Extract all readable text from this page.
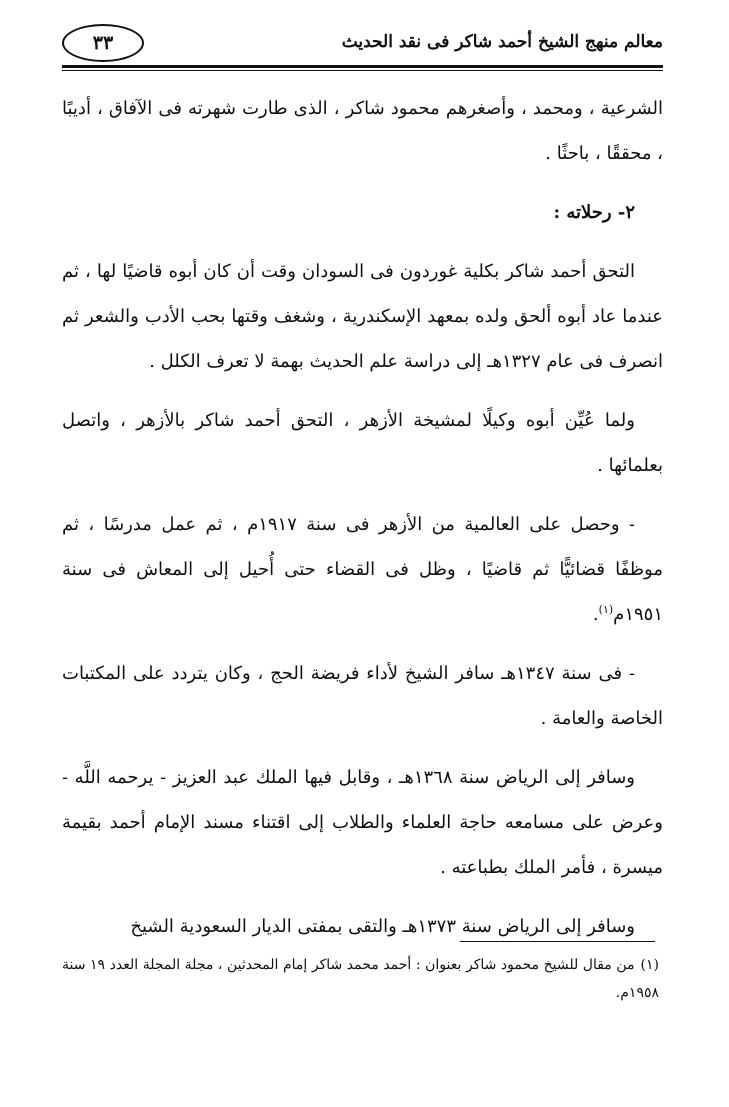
معالم منهج الشيخ أحمد شاكر فى نقد الحديث
٣٣

الشرعية ، ومحمد ، وأصغرهم محمود شاكر ، الذى طارت شهرته فى الآفاق ، أديبًا ، محققًا ، باحثًا .

٢- رحلاته :

التحق أحمد شاكر بكلية غوردون فى السودان وقت أن كان أبوه قاضيًا لها ، ثم عندما عاد أبوه ألحق ولده بمعهد الإسكندرية ، وشغف وقتها بحب الأدب والشعر ثم انصرف فى عام ١٣٢٧هـ إلى دراسة علم الحديث بهمة لا تعرف الكلل .

ولما عُيِّن أبوه وكيلًا لمشيخة الأزهر ، التحق أحمد شاكر بالأزهر ، واتصل بعلمائها .

- وحصل على العالمية من الأزهر فى سنة ١٩١٧م ، ثم عمل مدرسًا ، ثم موظفًا قضائيًّا ثم قاضيًا ، وظل فى القضاء حتى أُحيل إلى المعاش فى سنة ١٩٥١م$^{(١)}$.

- فى سنة ١٣٤٧هـ سافر الشيخ لأداء فريضة الحج ، وكان يتردد على المكتبات الخاصة والعامة .

وسافر إلى الرياض سنة ١٣٦٨هـ ، وقابل فيها الملك عبد العزيز - يرحمه اللَّه - وعرض على مسامعه حاجة العلماء والطلاب إلى اقتناء مسند الإمام أحمد بقيمة ميسرة ، فأمر الملك بطباعته .

وسافر إلى الرياض سنة ١٣٧٣هـ والتقى بمفتى الديار السعودية الشيخ

(١)من مقال للشيخ محمود شاكر بعنوان : أحمد محمد شاكر إمام المحدثين ، مجلة المجلة العدد ١٩ سنة ١٩٥٨م.
